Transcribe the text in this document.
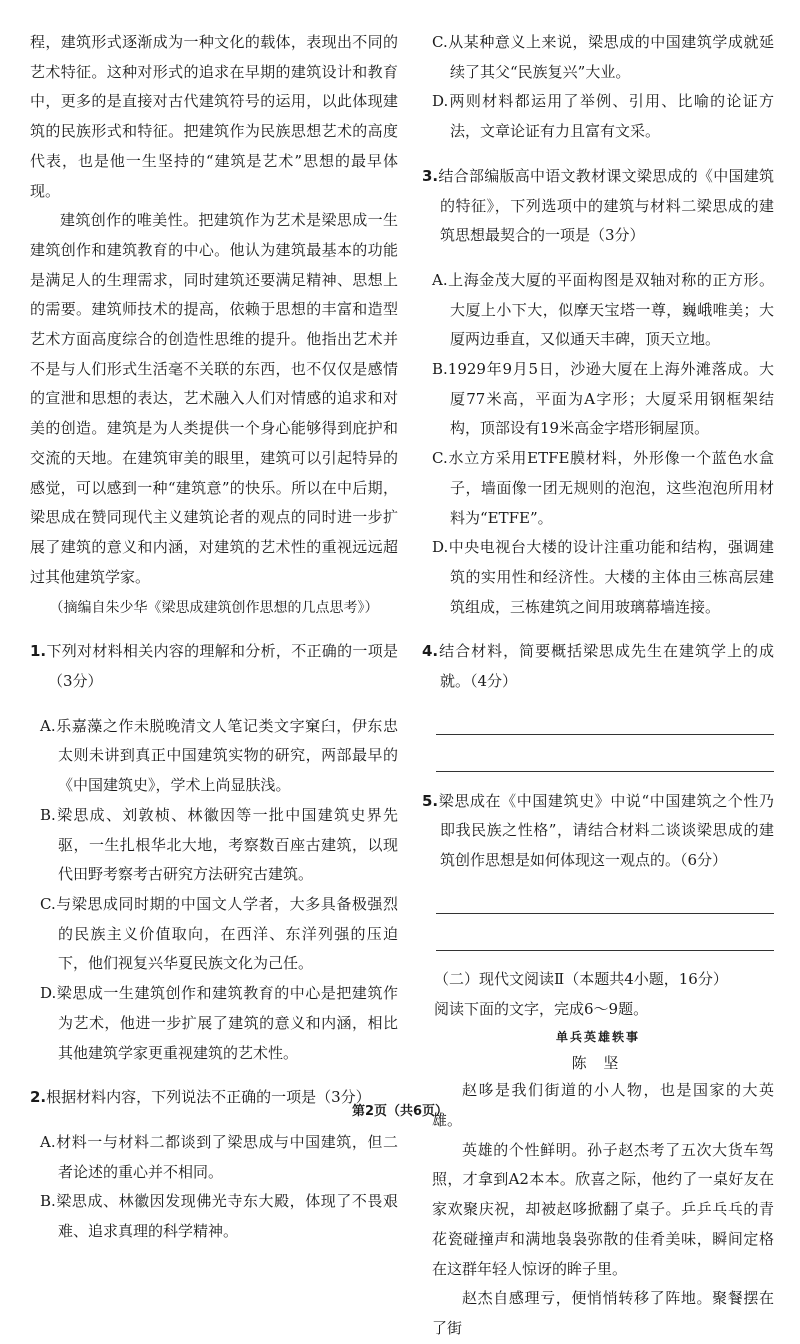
程，建筑形式逐渐成为一种文化的载体，表现出不同的艺术特征。这种对形式的追求在早期的建筑设计和教育中，更多的是直接对古代建筑符号的运用，以此体现建筑的民族形式和特征。把建筑作为民族思想艺术的高度代表，也是他一生坚持的“建筑是艺术”思想的最早体现。

建筑创作的唯美性。把建筑作为艺术是梁思成一生建筑创作和建筑教育的中心。他认为建筑最基本的功能是满足人的生理需求，同时建筑还要满足精神、思想上的需要。建筑师技术的提高，依赖于思想的丰富和造型艺术方面高度综合的创造性思维的提升。他指出艺术并不是与人们形式生活毫不关联的东西，也不仅仅是感情的宣泄和思想的表达，艺术融入人们对情感的追求和对美的创造。建筑是为人类提供一个身心能够得到庇护和交流的天地。在建筑审美的眼里，建筑可以引起特异的感觉，可以感到一种“建筑意”的快乐。所以在中后期，梁思成在赞同现代主义建筑论者的观点的同时进一步扩展了建筑的意义和内涵，对建筑的艺术性的重视远远超过其他建筑学家。

（摘编自朱少华《梁思成建筑创作思想的几点思考》）

1.下列对材料相关内容的理解和分析，不正确的一项是（3分）

A.乐嘉藻之作未脱晚清文人笔记类文字窠臼，伊东忠太则未讲到真正中国建筑实物的研究，两部最早的《中国建筑史》，学术上尚显肤浅。

B.梁思成、刘敦桢、林徽因等一批中国建筑史界先驱，一生扎根华北大地，考察数百座古建筑，以现代田野考察考古研究方法研究古建筑。

C.与梁思成同时期的中国文人学者，大多具备极强烈的民族主义价值取向，在西洋、东洋列强的压迫下，他们视复兴华夏民族文化为己任。

D.梁思成一生建筑创作和建筑教育的中心是把建筑作为艺术，他进一步扩展了建筑的意义和内涵，相比其他建筑学家更重视建筑的艺术性。

2.根据材料内容，下列说法不正确的一项是（3分）

A.材料一与材料二都谈到了梁思成与中国建筑，但二者论述的重心并不相同。

B.梁思成、林徽因发现佛光寺东大殿，体现了不畏艰难、追求真理的科学精神。

C.从某种意义上来说，梁思成的中国建筑学成就延续了其父“民族复兴”大业。

D.两则材料都运用了举例、引用、比喻的论证方法，文章论证有力且富有文采。

3.结合部编版高中语文教材课文梁思成的《中国建筑的特征》，下列选项中的建筑与材料二梁思成的建筑思想最契合的一项是（3分）

A.上海金茂大厦的平面构图是双轴对称的正方形。大厦上小下大，似摩天宝塔一尊，巍峨唯美；大厦两边垂直，又似通天丰碑，顶天立地。

B.1929年9月5日，沙逊大厦在上海外滩落成。大厦77米高，平面为A字形；大厦采用钢框架结构，顶部设有19米高金字塔形铜屋顶。

C.水立方采用ETFE膜材料，外形像一个蓝色水盒子，墙面像一团无规则的泡泡，这些泡泡所用材料为“ETFE”。

D.中央电视台大楼的设计注重功能和结构，强调建筑的实用性和经济性。大楼的主体由三栋高层建筑组成，三栋建筑之间用玻璃幕墙连接。

4.结合材料，简要概括梁思成先生在建筑学上的成就。（4分）

5.梁思成在《中国建筑史》中说“中国建筑之个性乃即我民族之性格”，请结合材料二谈谈梁思成的建筑创作思想是如何体现这一观点的。（6分）

（二）现代文阅读Ⅱ（本题共4小题，16分）

阅读下面的文字，完成6～9题。

单兵英雄轶事

陈 坚

赵哆是我们街道的小人物，也是国家的大英雄。

英雄的个性鲜明。孙子赵杰考了五次大货车驾照，才拿到A2本本。欣喜之际，他约了一桌好友在家欢聚庆祝，却被赵哆掀翻了桌子。乒乒乓乓的青花瓷碰撞声和满地袅袅弥散的佳肴美味，瞬间定格在这群年轻人惊讶的眸子里。

赵杰自感理亏，便悄悄转移了阵地。聚餐摆在了街

第2页（共6页）
